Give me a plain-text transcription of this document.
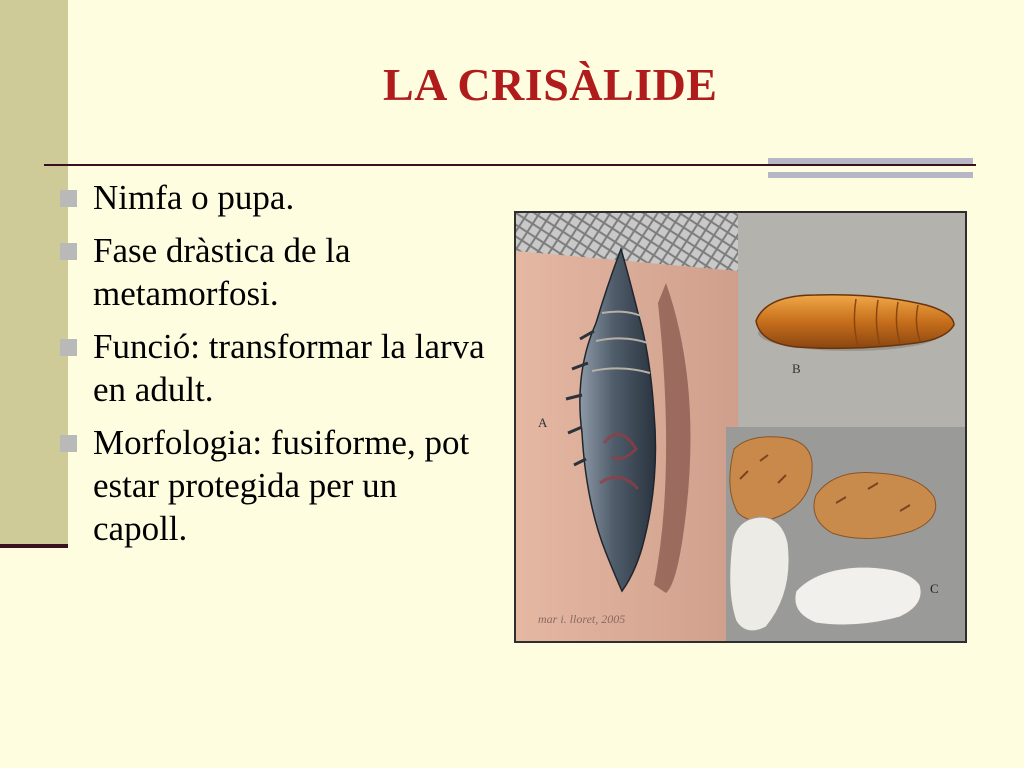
LA CRISÀLIDE
Nimfa o pupa.
Fase dràstica de la metamorfosi.
Funció: transformar la larva en adult.
Morfologia: fusiforme, pot estar protegida per un capoll.
A
mar i. lloret, 2005
B
C
